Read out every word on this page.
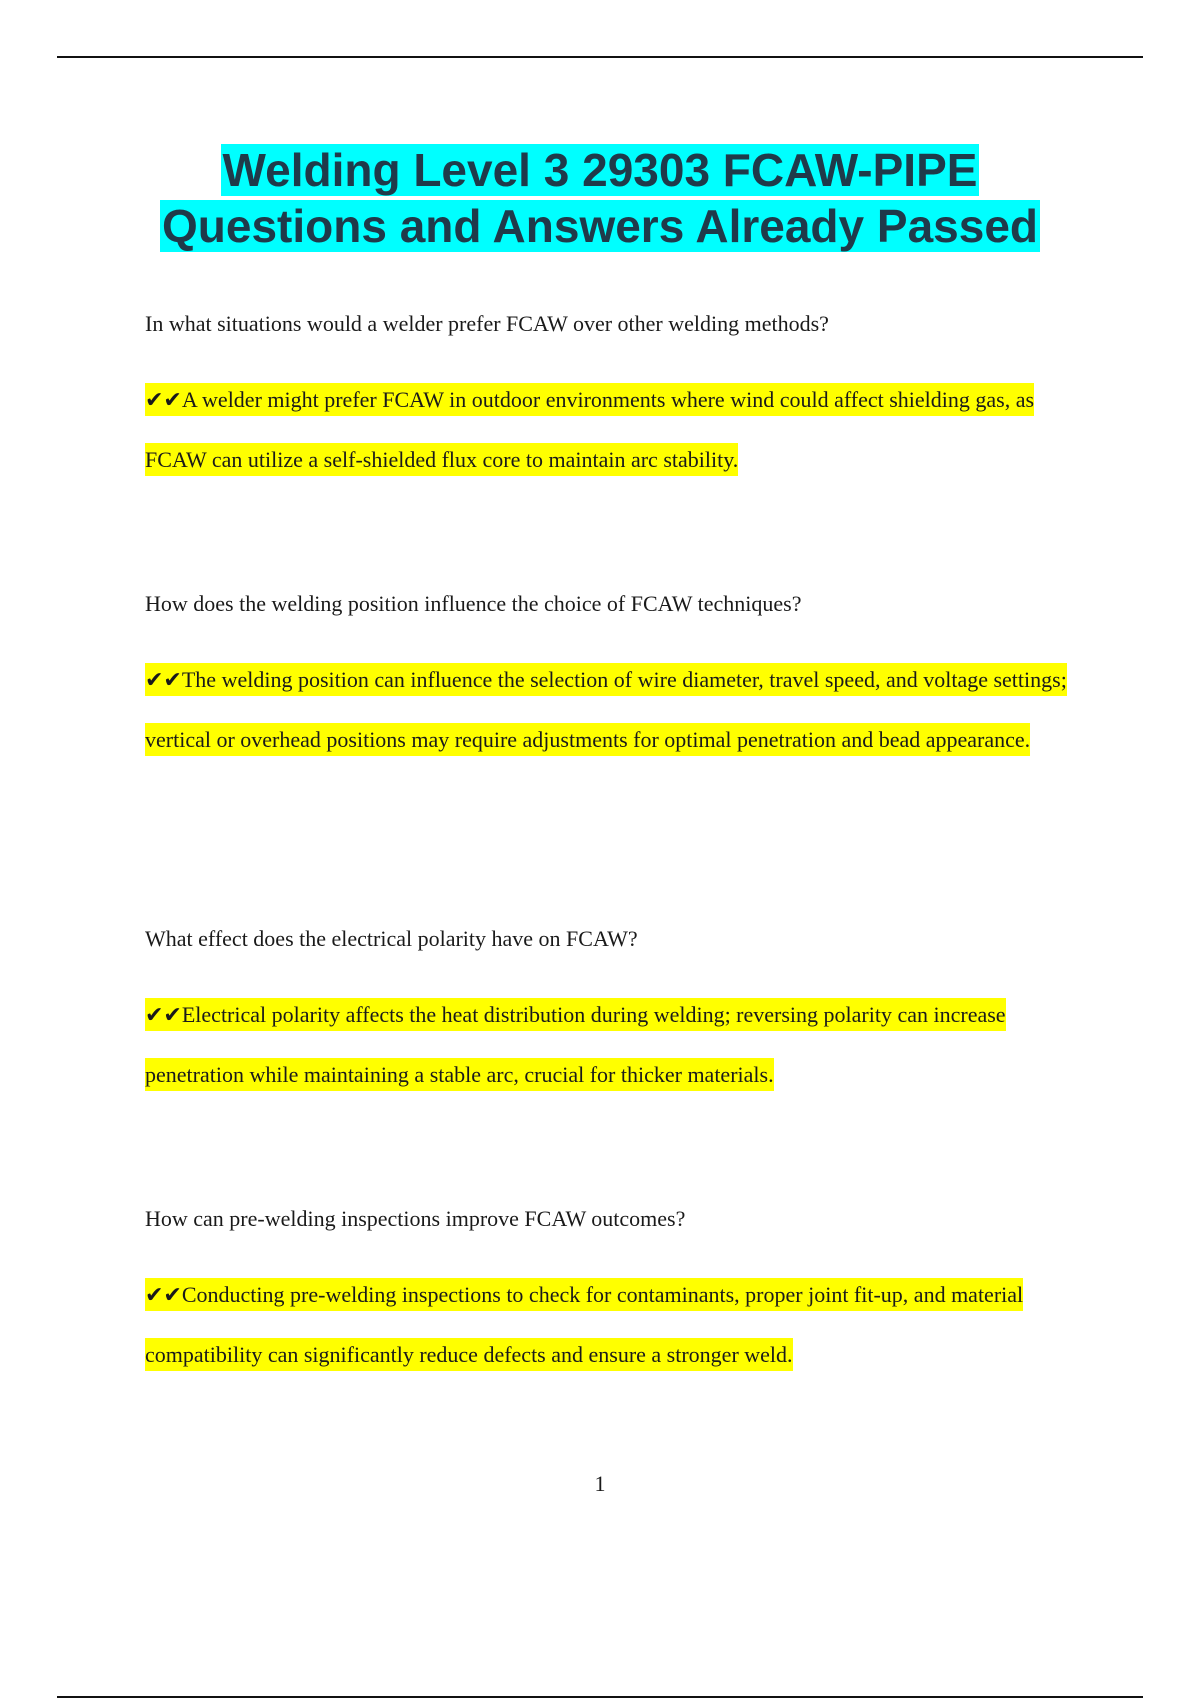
Welding Level 3 29303 FCAW-PIPE
Questions and Answers Already Passed

In what situations would a welder prefer FCAW over other welding methods?

✔✔A welder might prefer FCAW in outdoor environments where wind could affect shielding gas, as FCAW can utilize a self-shielded flux core to maintain arc stability.

How does the welding position influence the choice of FCAW techniques?

✔✔The welding position can influence the selection of wire diameter, travel speed, and voltage settings; vertical or overhead positions may require adjustments for optimal penetration and bead appearance.

What effect does the electrical polarity have on FCAW?

✔✔Electrical polarity affects the heat distribution during welding; reversing polarity can increase penetration while maintaining a stable arc, crucial for thicker materials.

How can pre-welding inspections improve FCAW outcomes?

✔✔Conducting pre-welding inspections to check for contaminants, proper joint fit-up, and material compatibility can significantly reduce defects and ensure a stronger weld.

1
